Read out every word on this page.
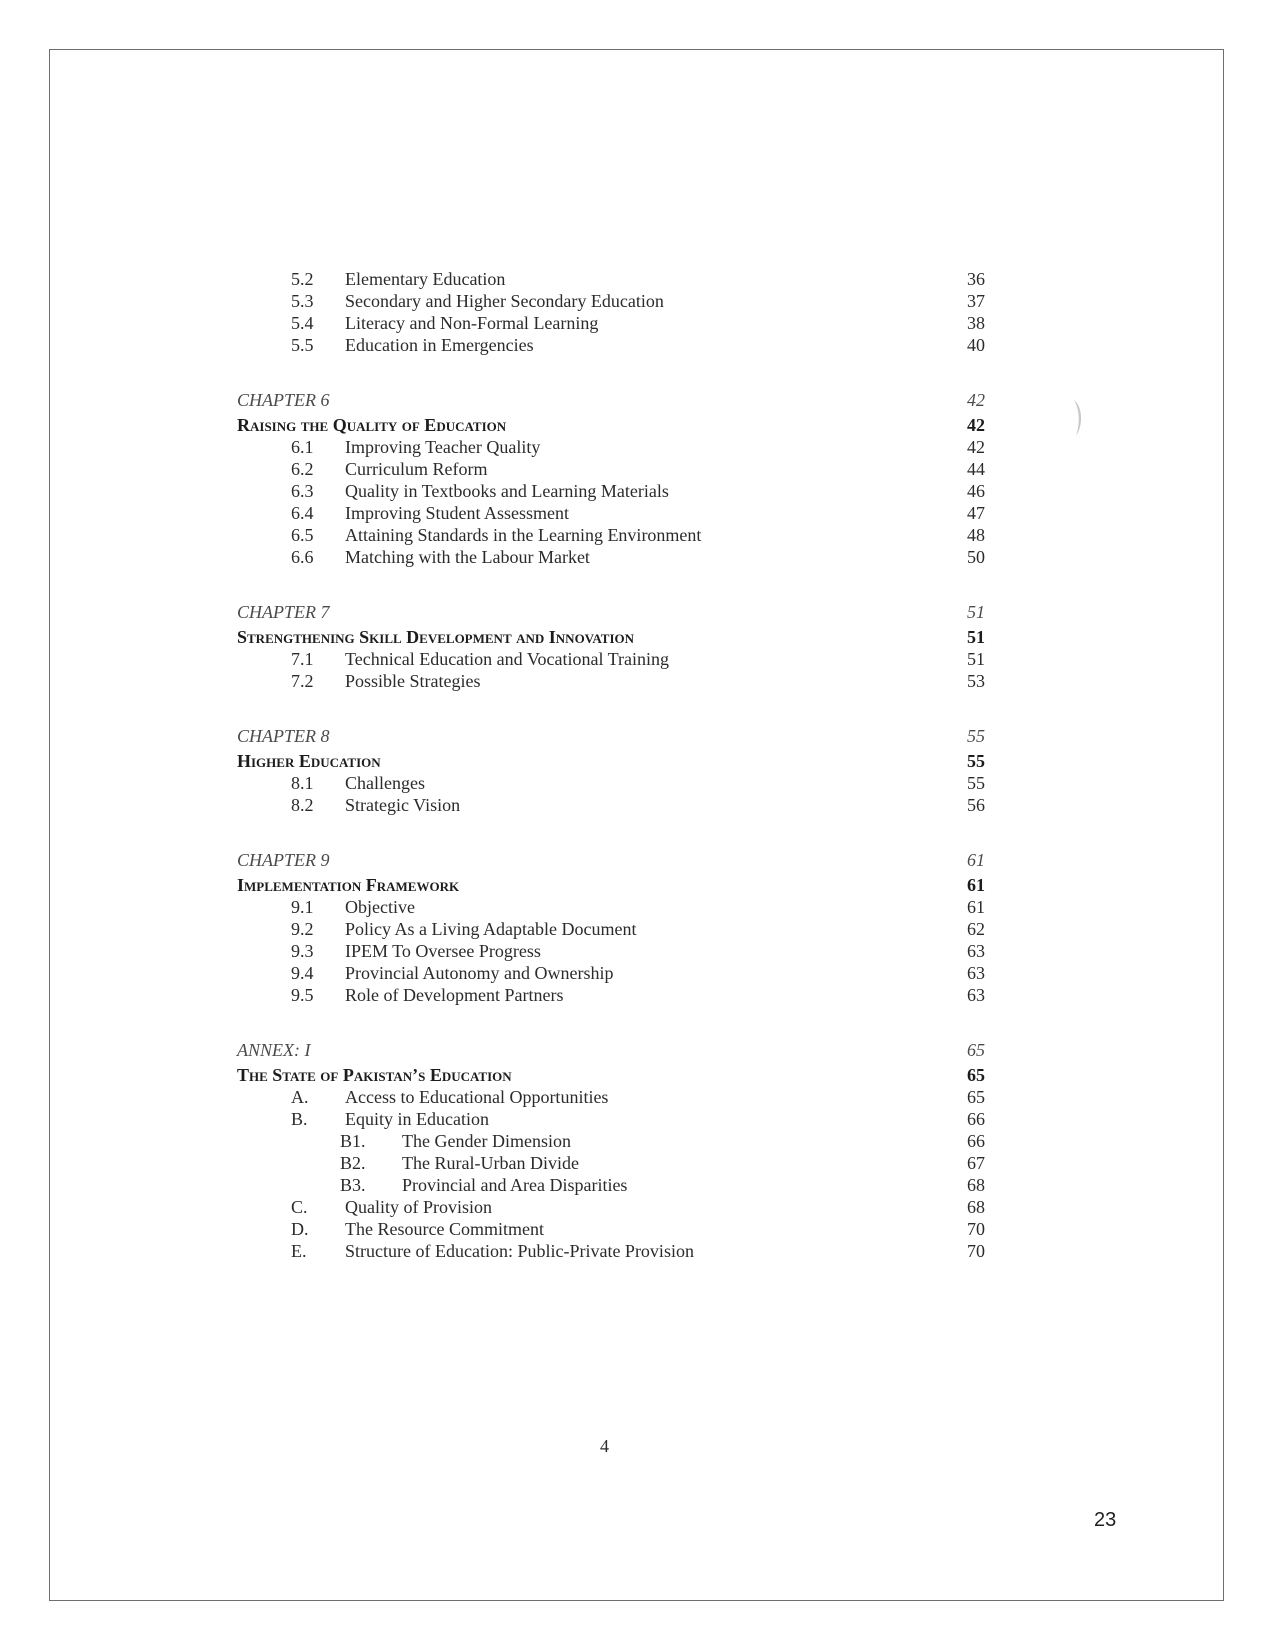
5.2 Elementary Education	36
5.3 Secondary and Higher Secondary Education	37
5.4 Literacy and Non-Formal Learning	38
5.5 Education in Emergencies	40
CHAPTER 6	42
Raising the Quality of Education	42
6.1 Improving Teacher Quality	42
6.2 Curriculum Reform	44
6.3 Quality in Textbooks and Learning Materials	46
6.4 Improving Student Assessment	47
6.5 Attaining Standards in the Learning Environment	48
6.6 Matching with the Labour Market	50
CHAPTER 7	51
Strengthening Skill Development and Innovation	51
7.1 Technical Education and Vocational Training	51
7.2 Possible Strategies	53
CHAPTER 8	55
Higher Education	55
8.1 Challenges	55
8.2 Strategic Vision	56
CHAPTER 9	61
Implementation Framework	61
9.1 Objective	61
9.2 Policy As a Living Adaptable Document	62
9.3 IPEM To Oversee Progress	63
9.4 Provincial Autonomy and Ownership	63
9.5 Role of Development Partners	63
ANNEX: I	65
The State of Pakistan’s Education	65
A. Access to Educational Opportunities	65
B. Equity in Education	66
B1. The Gender Dimension	66
B2. The Rural-Urban Divide	67
B3. Provincial and Area Disparities	68
C. Quality of Provision	68
D. The Resource Commitment	70
E. Structure of Education: Public-Private Provision	70
4
23
